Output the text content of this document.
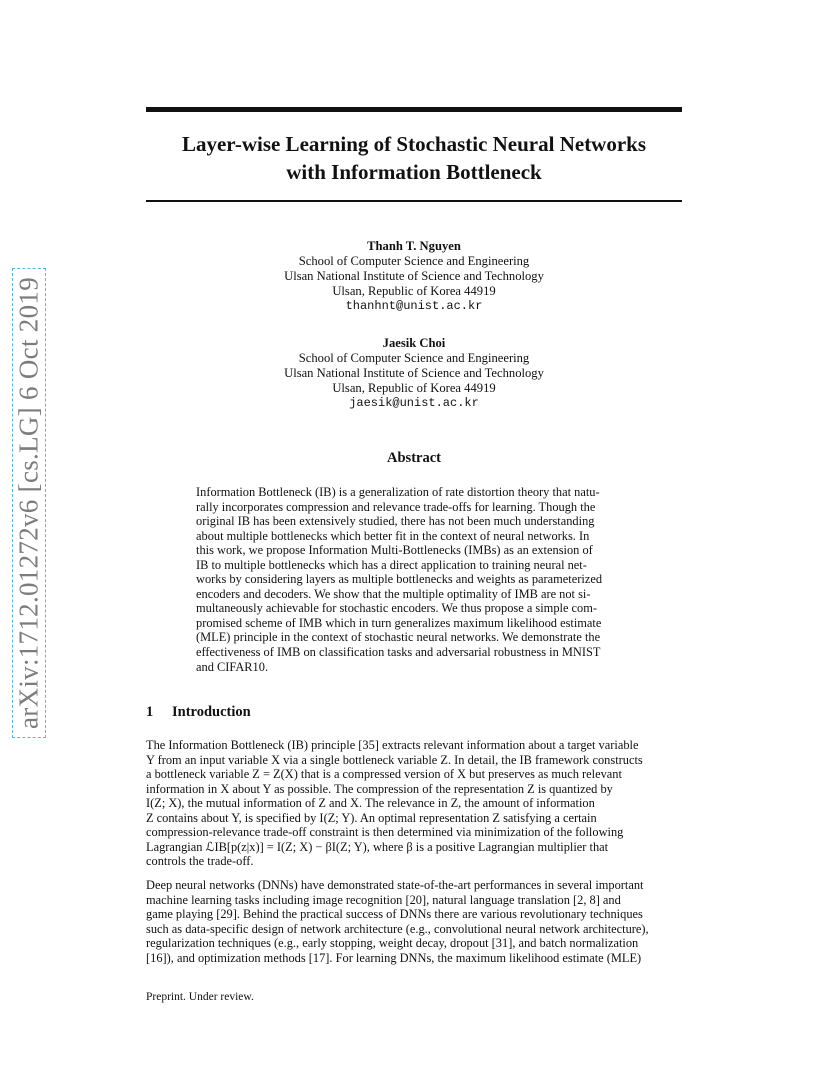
arXiv:1712.01272v6 [cs.LG] 6 Oct 2019
Layer-wise Learning of Stochastic Neural Networks
with Information Bottleneck
Thanh T. Nguyen
School of Computer Science and Engineering
Ulsan National Institute of Science and Technology
Ulsan, Republic of Korea 44919
thanhnt@unist.ac.kr
Jaesik Choi
School of Computer Science and Engineering
Ulsan National Institute of Science and Technology
Ulsan, Republic of Korea 44919
jaesik@unist.ac.kr
Abstract
Information Bottleneck (IB) is a generalization of rate distortion theory that natu-
rally incorporates compression and relevance trade-offs for learning. Though the
original IB has been extensively studied, there has not been much understanding
about multiple bottlenecks which better fit in the context of neural networks. In
this work, we propose Information Multi-Bottlenecks (IMBs) as an extension of
IB to multiple bottlenecks which has a direct application to training neural net-
works by considering layers as multiple bottlenecks and weights as parameterized
encoders and decoders. We show that the multiple optimality of IMB are not si-
multaneously achievable for stochastic encoders. We thus propose a simple com-
promised scheme of IMB which in turn generalizes maximum likelihood estimate
(MLE) principle in the context of stochastic neural networks. We demonstrate the
effectiveness of IMB on classification tasks and adversarial robustness in MNIST
and CIFAR10.
1 Introduction
The Information Bottleneck (IB) principle [35] extracts relevant information about a target variable
Y from an input variable X via a single bottleneck variable Z. In detail, the IB framework constructs
a bottleneck variable Z = Z(X) that is a compressed version of X but preserves as much relevant
information in X about Y as possible. The compression of the representation Z is quantized by
I(Z; X), the mutual information of Z and X. The relevance in Z, the amount of information
Z contains about Y, is specified by I(Z; Y). An optimal representation Z satisfying a certain
compression-relevance trade-off constraint is then determined via minimization of the following
Lagrangian ℒIB[p(z|x)] = I(Z; X) − βI(Z; Y), where β is a positive Lagrangian multiplier that
controls the trade-off.
Deep neural networks (DNNs) have demonstrated state-of-the-art performances in several important
machine learning tasks including image recognition [20], natural language translation [2, 8] and
game playing [29]. Behind the practical success of DNNs there are various revolutionary techniques
such as data-specific design of network architecture (e.g., convolutional neural network architecture),
regularization techniques (e.g., early stopping, weight decay, dropout [31], and batch normalization
[16]), and optimization methods [17]. For learning DNNs, the maximum likelihood estimate (MLE)
Preprint. Under review.
